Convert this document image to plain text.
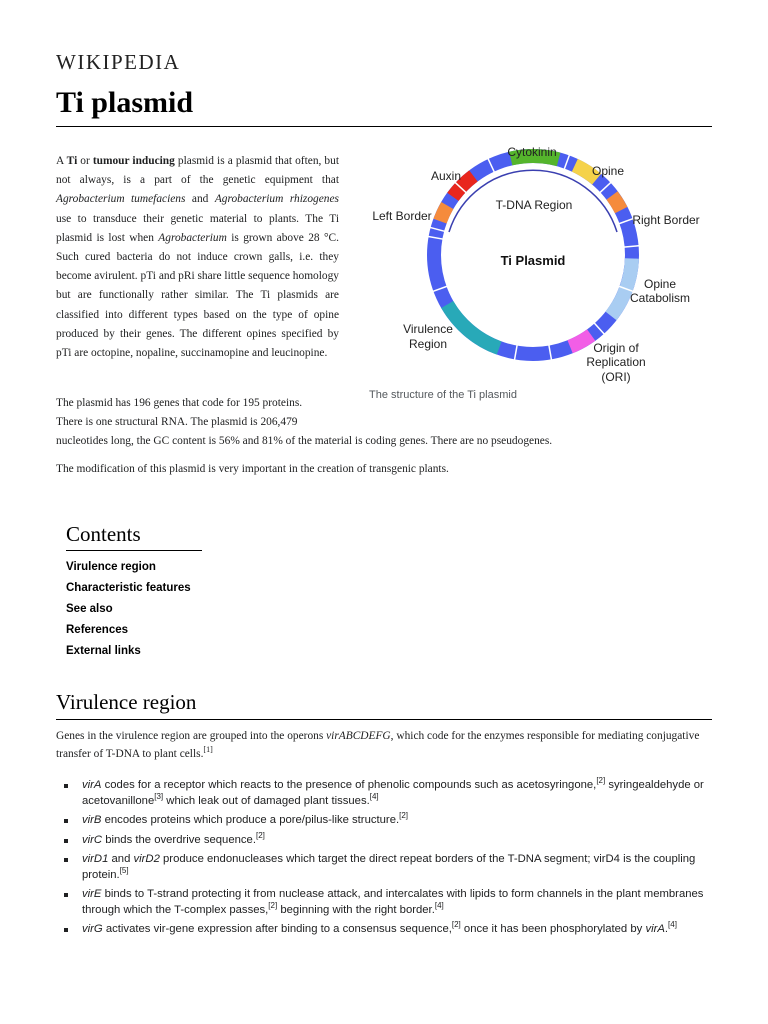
WIKIPEDIA
Ti plasmid

A Ti or tumour inducing plasmid is a plasmid that often, but not always, is a part of the genetic equipment that Agrobacterium tumefaciens and Agrobacterium rhizogenes use to transduce their genetic material to plants. The Ti plasmid is lost when Agrobacterium is grown above 28 °C. Such cured bacteria do not induce crown galls, i.e. they become avirulent. pTi and pRi share little sequence homology but are functionally rather similar. The Ti plasmids are classified into different types based on the type of opine produced by their genes. The different opines specified by pTi are octopine, nopaline, succinamopine and leucinopine.

T-DNA Region
Ti Plasmid
Cytokinin
Auxin	Opine
Left Border	Right Border
Opine
Catabolism
Virulence
Region	Origin of
Replication
(ORI)
The structure of the Ti plasmid
The plasmid has 196 genes that code for 195 proteins.
There is one structural RNA. The plasmid is 206,479
nucleotides long, the GC content is 56% and 81% of the material is coding genes. There are no pseudogenes.
The modification of this plasmid is very important in the creation of transgenic plants.
Contents
Virulence region
Characteristic features
See also
References
External links
Virulence region
Genes in the virulence region are grouped into the operons virABCDEFG, which code for the enzymes responsible for mediating conjugative transfer of T-DNA to plant cells.[1]
virA codes for a receptor which reacts to the presence of phenolic compounds such as acetosyringone,[2] syringealdehyde or acetovanillone[3] which leak out of damaged plant tissues.[4]
virB encodes proteins which produce a pore/pilus-like structure.[2]
virC binds the overdrive sequence.[2]
virD1 and virD2 produce endonucleases which target the direct repeat borders of the T-DNA segment; virD4 is the coupling protein.[5]
virE binds to T-strand protecting it from nuclease attack, and intercalates with lipids to form channels in the plant membranes through which the T-complex passes,[2] beginning with the right border.[4]
virG activates vir-gene expression after binding to a consensus sequence,[2] once it has been phosphorylated by virA.[4]
